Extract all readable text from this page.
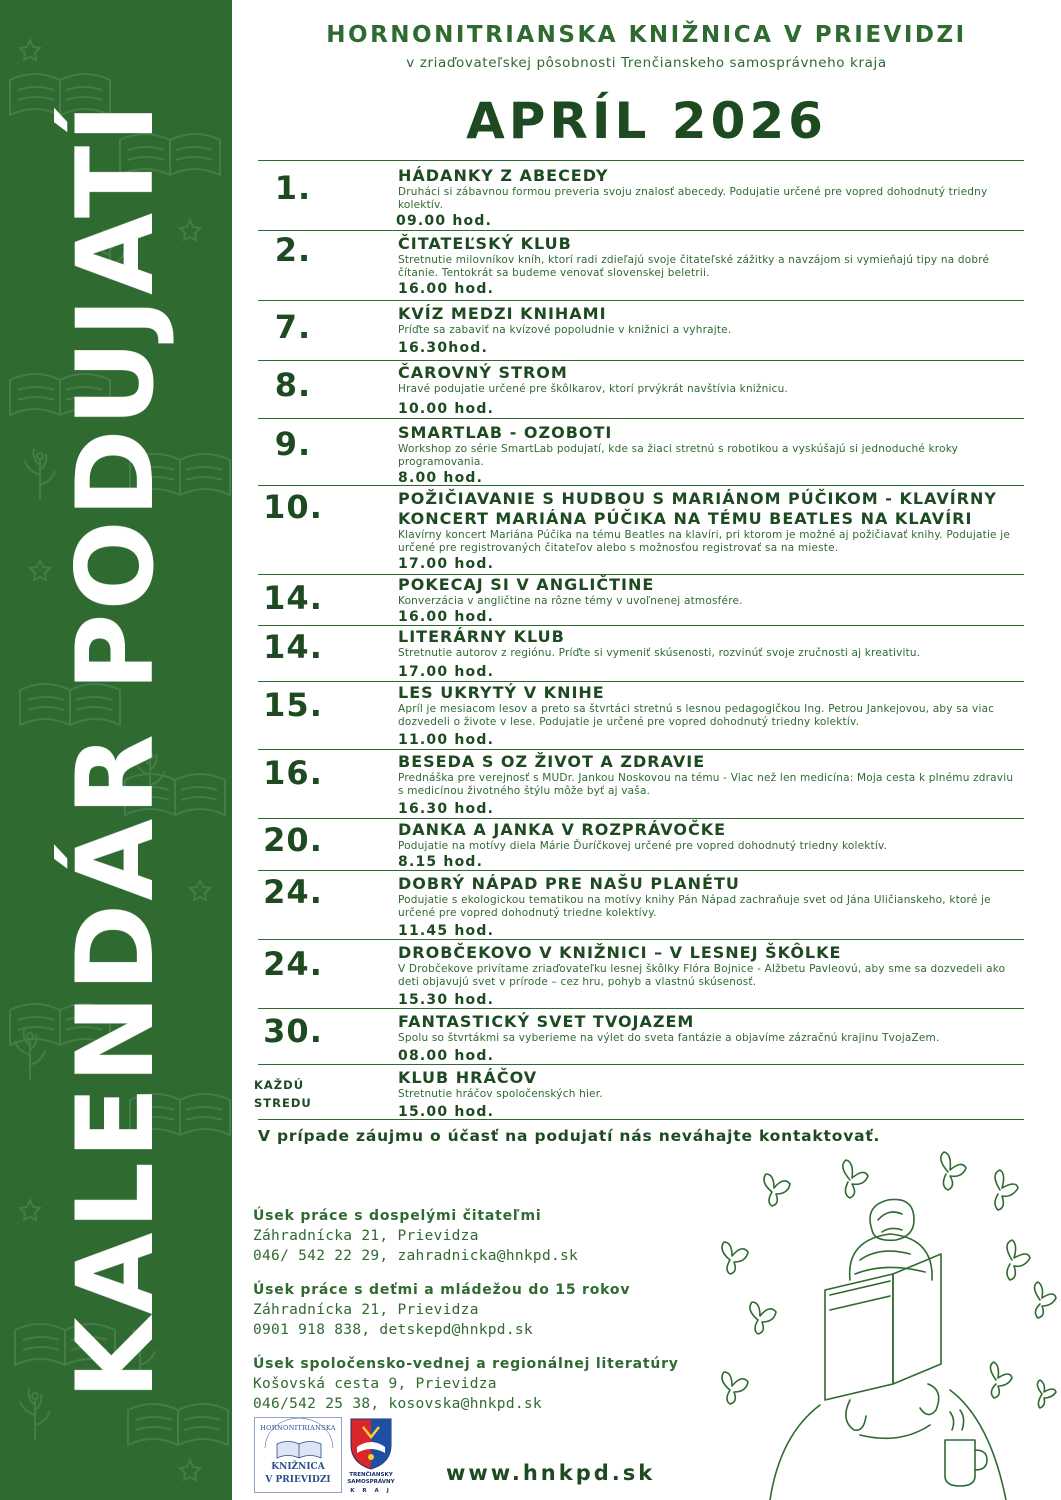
KALENDÁR PODUJATÍ
HORNONITRIANSKA KNIŽNICA V PRIEVIDZI
v zriaďovateľskej pôsobnosti Trenčianskeho samosprávneho kraja
APRÍL 2026
1.	HÁDANKY Z ABECEDY
Druháci si zábavnou formou preveria svoju znalosť abecedy. Podujatie určené pre vopred dohodnutý triedny kolektív.
09.00 hod.
2.	ČITATEĽSKÝ KLUB
Stretnutie milovníkov kníh, ktorí radi zdieľajú svoje čitateľské zážitky a navzájom si vymieňajú tipy na dobré čítanie. Tentokrát sa budeme venovať slovenskej beletrii.
16.00 hod.
7.	KVÍZ MEDZI KNIHAMI
Príďte sa zabaviť na kvízové popoludnie v knižnici a vyhrajte.
16.30hod.
8.	ČAROVNÝ STROM
Hravé podujatie určené pre škôlkarov, ktorí prvýkrát navštívia knižnicu.
10.00 hod.
9.	SMARTLAB - OZOBOTI
Workshop zo série SmartLab podujatí, kde sa žiaci stretnú s robotikou a vyskúšajú si jednoduché kroky programovania.
8.00 hod.
10.	POŽIČIAVANIE S HUDBOU S MARIÁNOM PÚČIKOM - KLAVÍRNY KONCERT MARIÁNA PÚČIKA NA TÉMU BEATLES NA KLAVÍRI
Klavírny koncert Mariána Púčika na tému Beatles na klavíri, pri ktorom je možné aj požičiavať knihy. Podujatie je určené pre registrovaných čitateľov alebo s možnosťou registrovať sa na mieste.
17.00 hod.
14.	POKECAJ SI V ANGLIČTINE
Konverzácia v angličtine na rôzne témy v uvoľnenej atmosfére.
16.00 hod.
14.	LITERÁRNY KLUB
Stretnutie autorov z regiónu. Príďte si vymeniť skúsenosti, rozvinúť svoje zručnosti aj kreativitu.
17.00 hod.
15.	LES UKRYTÝ V KNIHE
Apríl je mesiacom lesov a preto sa štvrtáci stretnú s lesnou pedagogičkou Ing. Petrou Jankejovou, aby sa viac dozvedeli o živote v lese. Podujatie je určené pre vopred dohodnutý triedny kolektív.
11.00 hod.
16.	BESEDA S OZ ŽIVOT A ZDRAVIE
Prednáška pre verejnosť s MUDr. Jankou Noskovou na tému - Viac než len medicína: Moja cesta k plnému zdraviu s medicínou životného štýlu môže byť aj vaša.
16.30 hod.
20.	DANKA A JANKA V ROZPRÁVOČKE
Podujatie na motívy diela Márie Ďuríčkovej určené pre vopred dohodnutý triedny kolektív.
8.15 hod.
24.	DOBRÝ NÁPAD PRE NAŠU PLANÉTU
Podujatie s ekologickou tematikou na motívy knihy Pán Nápad zachraňuje svet od Jána Uličianskeho, ktoré je určené pre vopred dohodnutý triedne kolektívy.
11.45 hod.
24.	DROBČEKOVO V KNIŽNICI – V LESNEJ ŠKÔLKE
V Drobčekove privítame zriaďovateľku lesnej škôlky Flóra Bojnice - Alžbetu Pavleovú, aby sme sa dozvedeli ako deti objavujú svet v prírode – cez hru, pohyb a vlastnú skúsenosť.
15.30 hod.
30.	FANTASTICKÝ SVET TVOJAZEM
Spolu so štvrtákmi sa vyberieme na výlet do sveta fantázie a objavíme zázračnú krajinu TvojaZem.
08.00 hod.
KAŽDÚ
STREDU
KLUB HRÁČOV
Stretnutie hráčov spoločenských hier.
15.00 hod.
V prípade záujmu o účasť na podujatí nás neváhajte kontaktovať.
Úsek práce s dospelými čitateľmi
Záhradnícka 21, Prievidza
046/ 542 22 29, zahradnicka@hnkpd.sk
Úsek práce s deťmi a mládežou do 15 rokov
Záhradnícka 21, Prievidza
0901 918 838, detskepd@hnkpd.sk
Úsek spoločensko-vednej a regionálnej literatúry
Košovská cesta 9, Prievidza
046/542 25 38, kosovska@hnkpd.sk
HORNONITRIANSKA
KNIŽNICA
V PRIEVIDZI	TRENČIANSKY
SAMOSPRÁVNY
K R A J
www.hnkpd.sk
